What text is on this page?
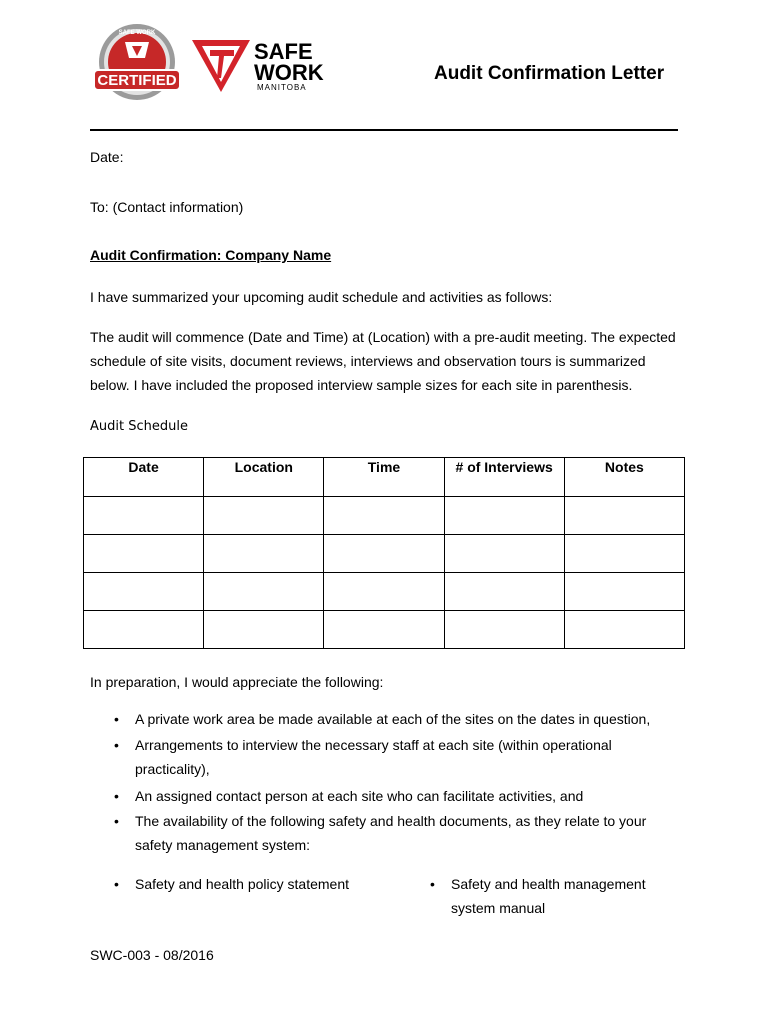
CERTIFIED
SAFE WORK
SAFE
WORK
MANITOBA
Audit Confirmation Letter
Date:
To: (Contact information)
Audit Confirmation: Company Name
I have summarized your upcoming audit schedule and activities as follows:
The audit will commence (Date and Time) at (Location) with a pre-audit meeting. The expected
schedule of site visits, document reviews, interviews and observation tours is summarized
below. I have included the proposed interview sample sizes for each site in parenthesis.
Audit Schedule
Date	Location	Time	# of Interviews	Notes

In preparation, I would appreciate the following:
• A private work area be made available at each of the sites on the dates in question,
• Arrangements to interview the necessary staff at each site (within operational practicality),
• An assigned contact person at each site who can facilitate activities, and
• The availability of the following safety and health documents, as they relate to your safety management system:
• Safety and health policy statement	• Safety and health management system manual
SWC-003 - 08/2016
